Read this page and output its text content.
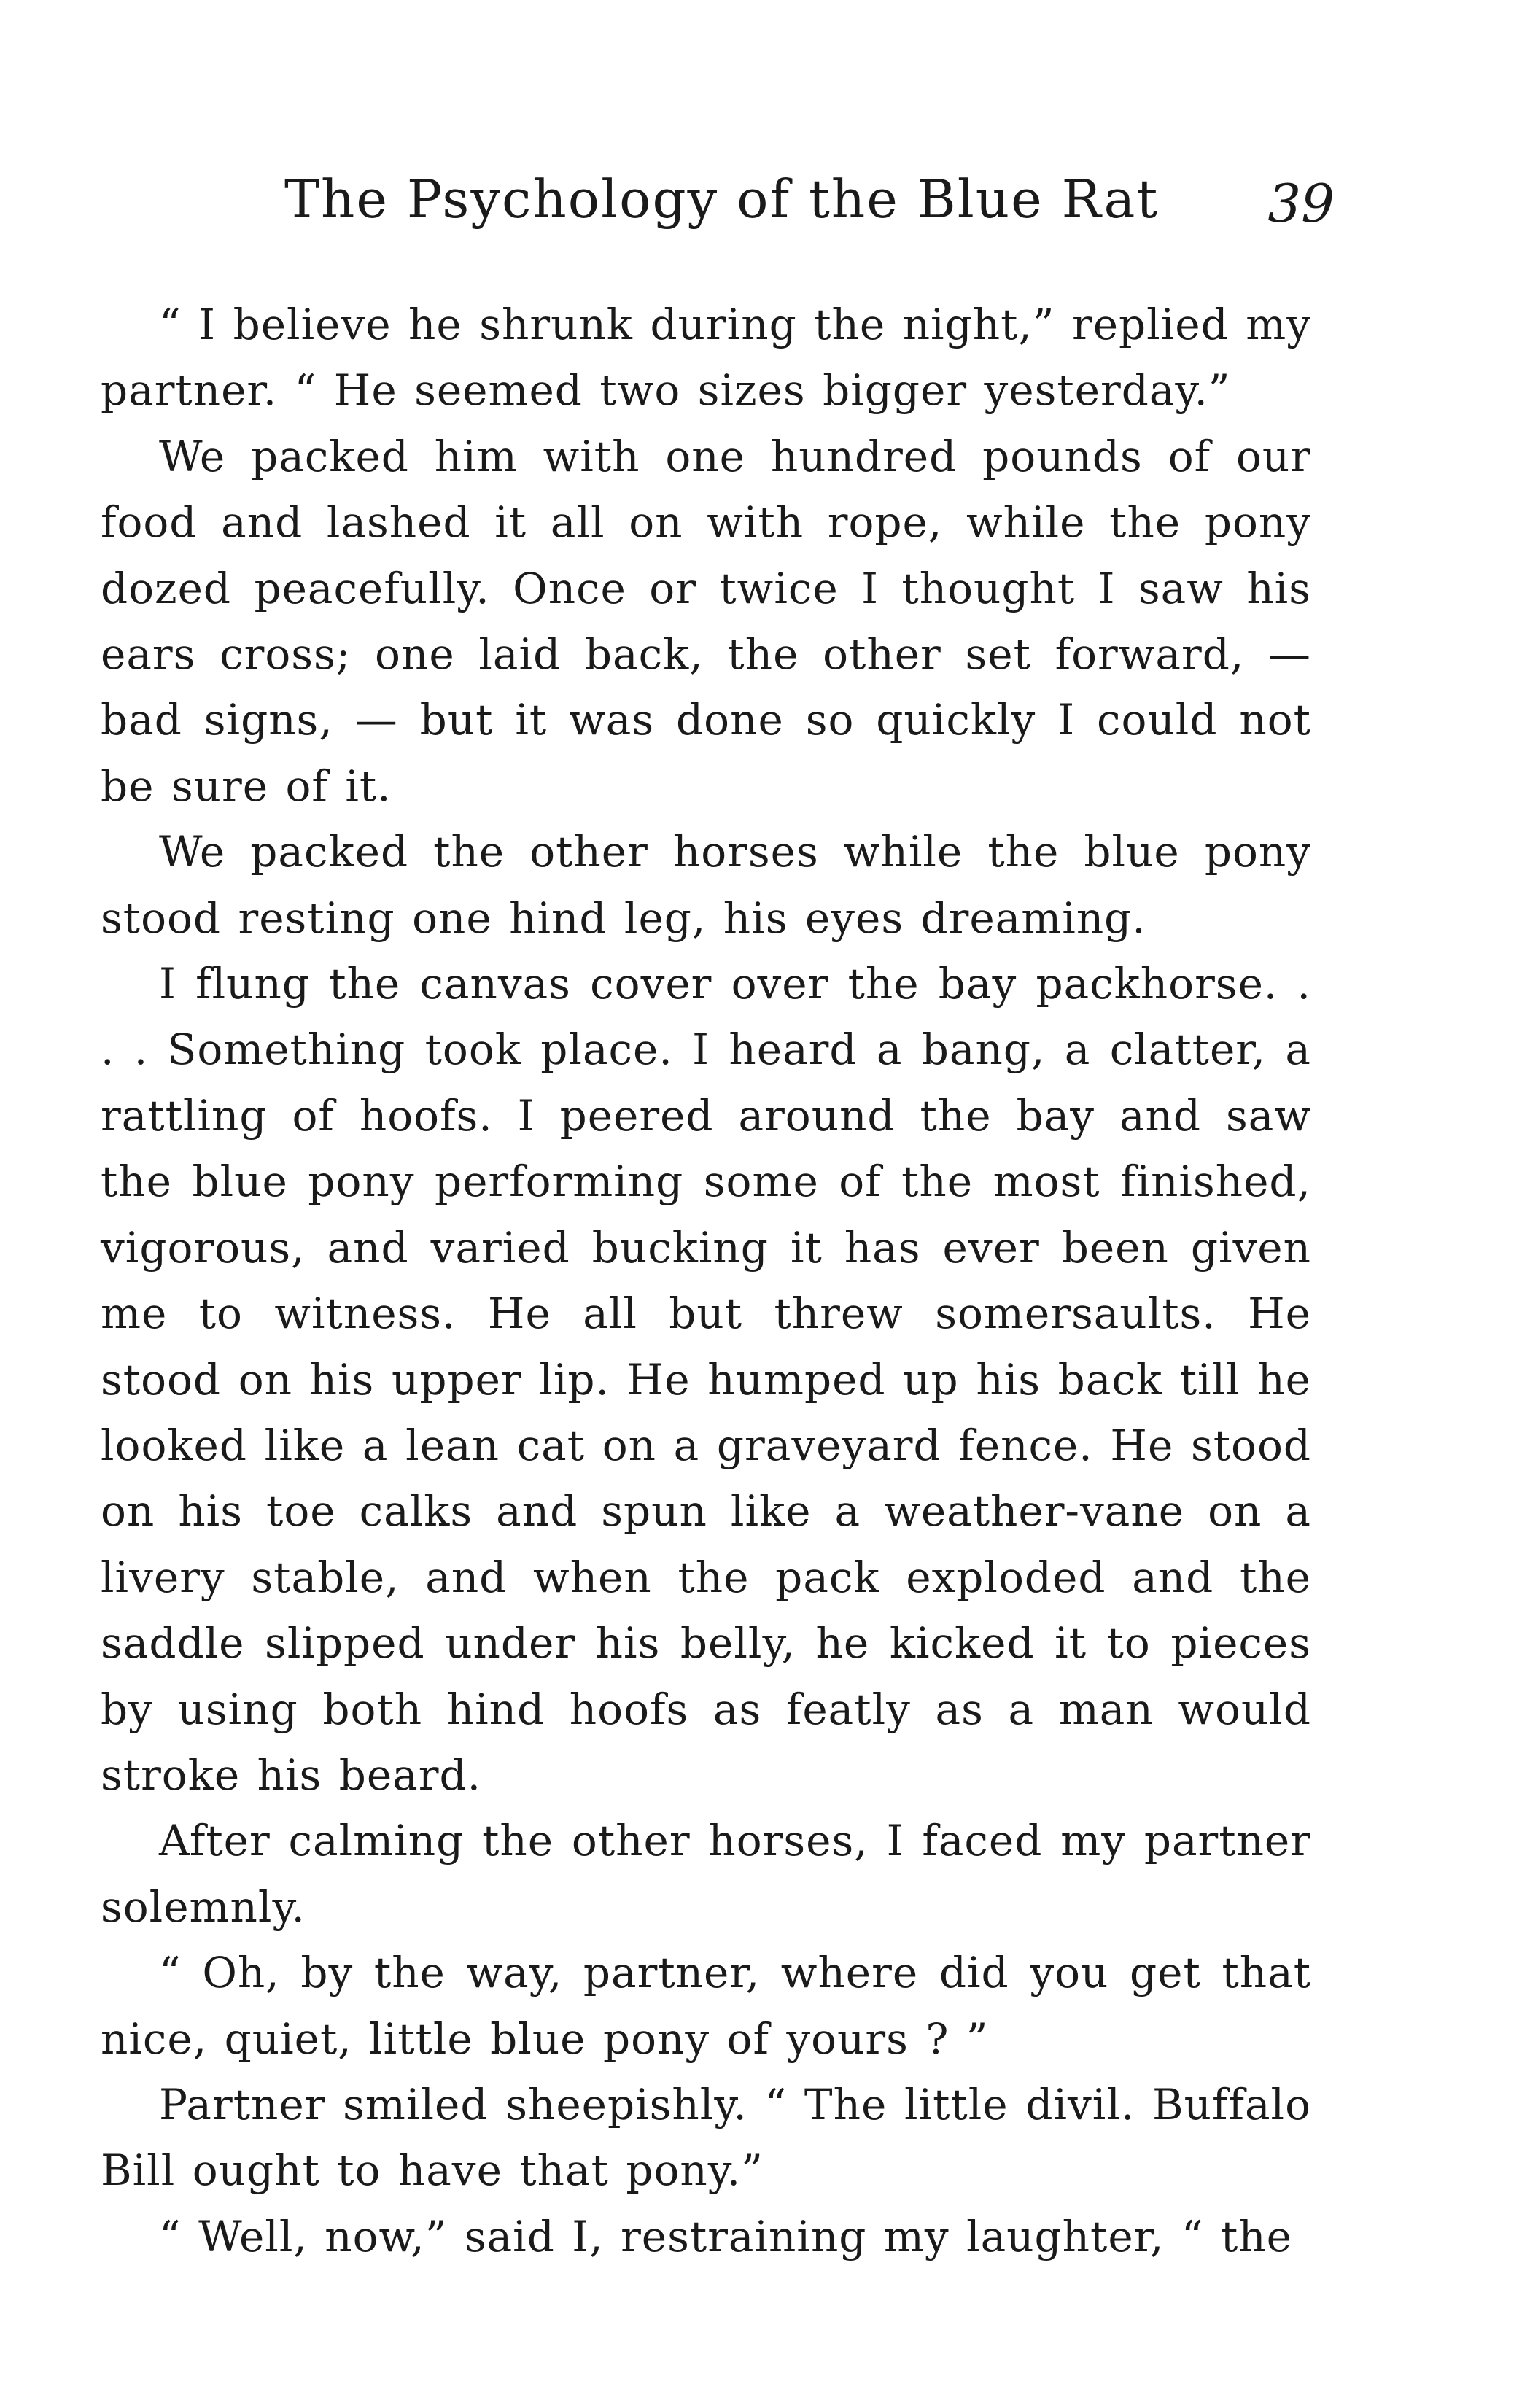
The Psychology of the Blue Rat 39

“ I believe he shrunk during the night,” replied my partner. “ He seemed two sizes bigger yesterday.”

We packed him with one hundred pounds of our food and lashed it all on with rope, while the pony dozed peacefully. Once or twice I thought I saw his ears cross; one laid back, the other set forward, — bad signs, — but it was done so quickly I could not be sure of it.

We packed the other horses while the blue pony stood resting one hind leg, his eyes dreaming.

I flung the canvas cover over the bay packhorse. . . . Something took place. I heard a bang, a clatter, a rattling of hoofs. I peered around the bay and saw the blue pony performing some of the most finished, vigorous, and varied bucking it has ever been given me to witness. He all but threw somersaults. He stood on his upper lip. He humped up his back till he looked like a lean cat on a graveyard fence. He stood on his toe calks and spun like a weather-vane on a livery stable, and when the pack exploded and the saddle slipped under his belly, he kicked it to pieces by using both hind hoofs as featly as a man would stroke his beard.

After calming the other horses, I faced my partner solemnly.

“ Oh, by the way, partner, where did you get that nice, quiet, little blue pony of yours ? ”

Partner smiled sheepishly. “ The little divil. Buffalo Bill ought to have that pony.”

“ Well, now,” said I, restraining my laughter, “ the
